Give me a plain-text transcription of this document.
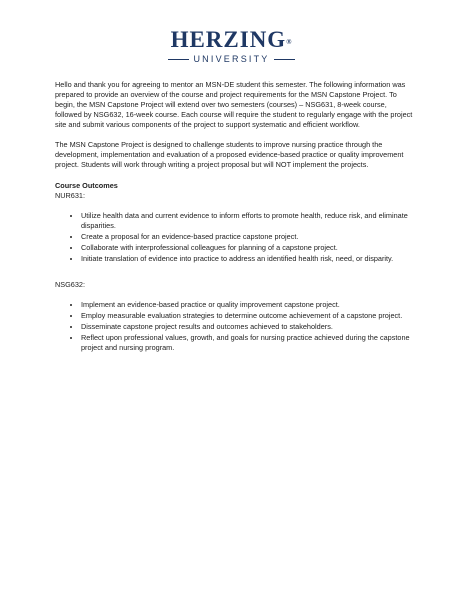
HERZING®
UNIVERSITY

Hello and thank you for agreeing to mentor an MSN-DE student this semester. The following information was prepared to provide an overview of the course and project requirements for the MSN Capstone Project. To begin, the MSN Capstone Project will extend over two semesters (courses) – NSG631, 8-week course, followed by NSG632, 16-week course. Each course will require the student to regularly engage with the project site and submit various components of the project to support systematic and efficient workflow.

The MSN Capstone Project is designed to challenge students to improve nursing practice through the development, implementation and evaluation of a proposed evidence-based practice or quality improvement project. Students will work through writing a project proposal but will NOT implement the projects.

Course Outcomes

NUR631:

• Utilize health data and current evidence to inform efforts to promote health, reduce risk, and eliminate disparities.
• Create a proposal for an evidence-based practice capstone project.
• Collaborate with interprofessional colleagues for planning of a capstone project.
• Initiate translation of evidence into practice to address an identified health risk, need, or disparity.

NSG632:

• Implement an evidence-based practice or quality improvement capstone project.
• Employ measurable evaluation strategies to determine outcome achievement of a capstone project.
• Disseminate capstone project results and outcomes achieved to stakeholders.
• Reflect upon professional values, growth, and goals for nursing practice achieved during the capstone project and nursing program.
